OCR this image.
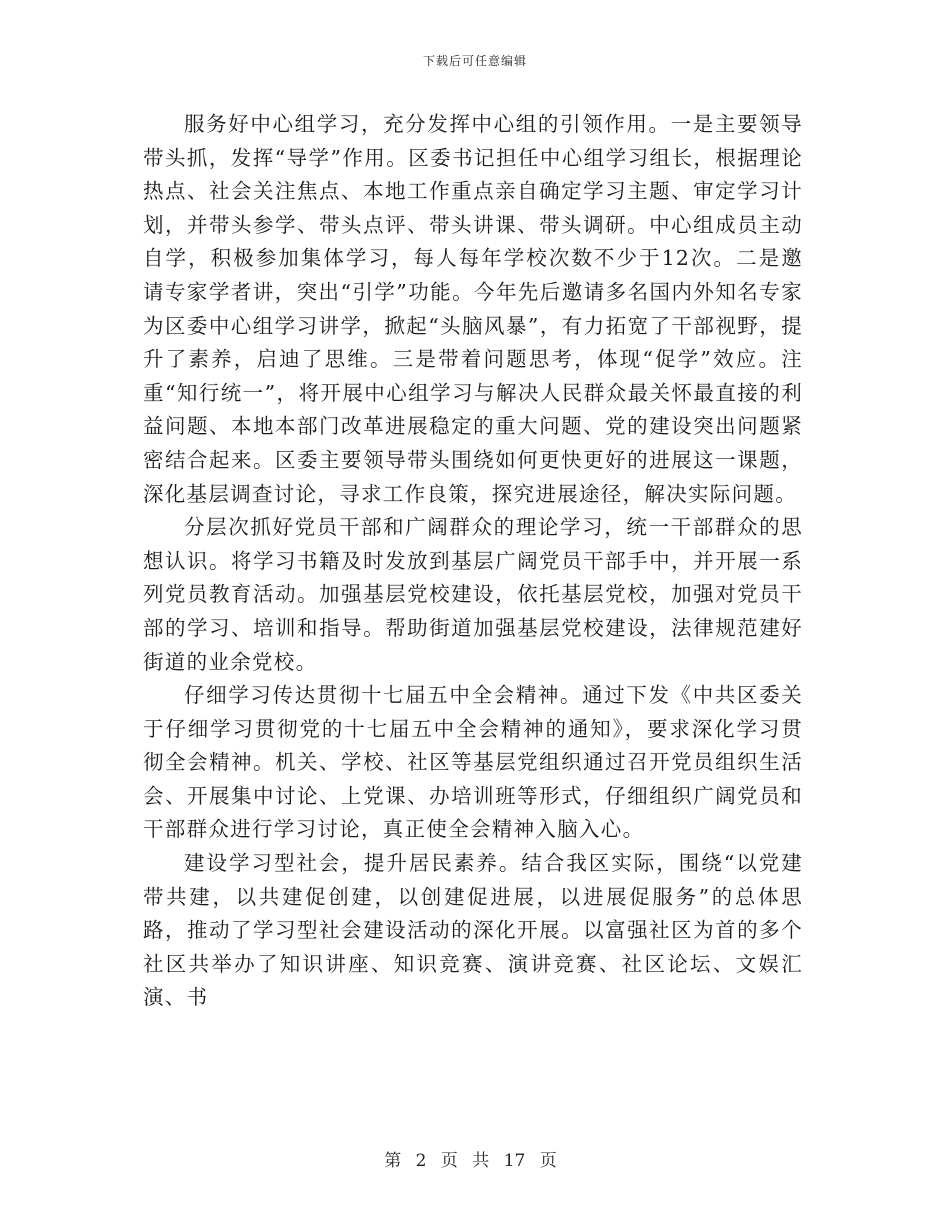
下载后可任意编辑

服务好中心组学习，充分发挥中心组的引领作用。一是主要领导带头抓，发挥“导学”作用。区委书记担任中心组学习组长，根据理论热点、社会关注焦点、本地工作重点亲自确定学习主题、审定学习计划，并带头参学、带头点评、带头讲课、带头调研。中心组成员主动自学，积极参加集体学习，每人每年学校次数不少于12次。二是邀请专家学者讲，突出“引学”功能。今年先后邀请多名国内外知名专家为区委中心组学习讲学，掀起“头脑风暴”，有力拓宽了干部视野，提升了素养，启迪了思维。三是带着问题思考，体现“促学”效应。注重“知行统一”，将开展中心组学习与解决人民群众最关怀最直接的利益问题、本地本部门改革进展稳定的重大问题、党的建设突出问题紧密结合起来。区委主要领导带头围绕如何更快更好的进展这一课题，深化基层调查讨论，寻求工作良策，探究进展途径，解决实际问题。

分层次抓好党员干部和广阔群众的理论学习，统一干部群众的思想认识。将学习书籍及时发放到基层广阔党员干部手中，并开展一系列党员教育活动。加强基层党校建设，依托基层党校，加强对党员干部的学习、培训和指导。帮助街道加强基层党校建设，法律规范建好街道的业余党校。

仔细学习传达贯彻十七届五中全会精神。通过下发《中共区委关于仔细学习贯彻党的十七届五中全会精神的通知》，要求深化学习贯彻全会精神。机关、学校、社区等基层党组织通过召开党员组织生活会、开展集中讨论、上党课、办培训班等形式，仔细组织广阔党员和干部群众进行学习讨论，真正使全会精神入脑入心。

建设学习型社会，提升居民素养。结合我区实际，围绕“以党建带共建，以共建促创建，以创建促进展，以进展促服务”的总体思路，推动了学习型社会建设活动的深化开展。以富强社区为首的多个社区共举办了知识讲座、知识竞赛、演讲竞赛、社区论坛、文娱汇演、书

第 2 页 共 17 页
